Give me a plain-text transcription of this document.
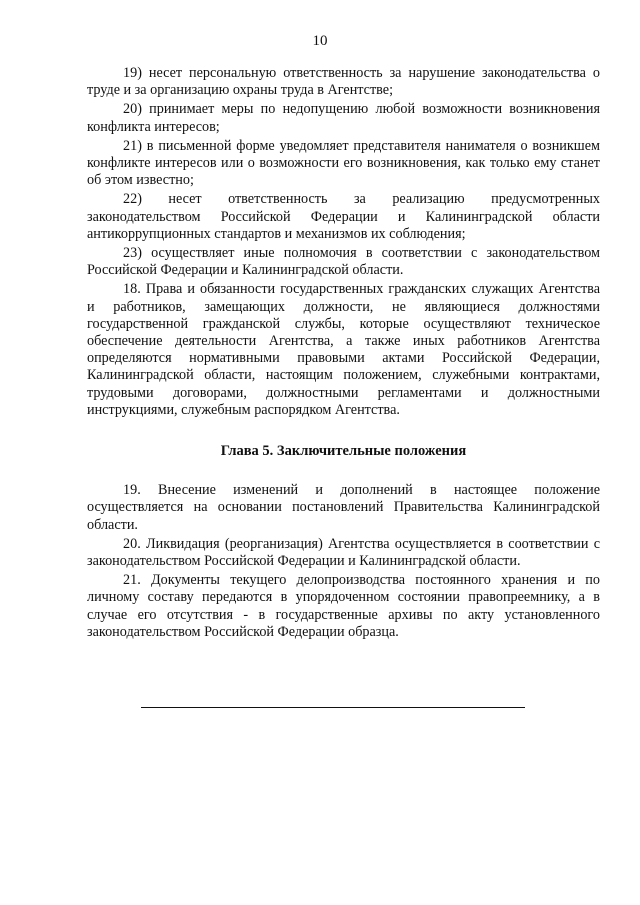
10

19) несет персональную ответственность за нарушение законодательства о труде и за организацию охраны труда в Агентстве;

20) принимает меры по недопущению любой возможности возникновения конфликта интересов;

21) в письменной форме уведомляет представителя нанимателя о возникшем конфликте интересов или о возможности его возникновения, как только ему станет об этом известно;

22) несет ответственность за реализацию предусмотренных законодательством Российской Федерации и Калининградской области антикоррупционных стандартов и механизмов их соблюдения;

23) осуществляет иные полномочия в соответствии с законодательством Российской Федерации и Калининградской области.

18. Права и обязанности государственных гражданских служащих Агентства и работников, замещающих должности, не являющиеся должностями государственной гражданской службы, которые осуществляют техническое обеспечение деятельности Агентства, а также иных работников Агентства определяются нормативными правовыми актами Российской Федерации, Калининградской области, настоящим положением, служебными контрактами, трудовыми договорами, должностными регламентами и должностными инструкциями, служебным распорядком Агентства.

Глава 5. Заключительные положения

19. Внесение изменений и дополнений в настоящее положение осуществляется на основании постановлений Правительства Калининградской области.

20. Ликвидация (реорганизация) Агентства осуществляется в соответствии с законодательством Российской Федерации и Калининградской области.

21. Документы текущего делопроизводства постоянного хранения и по личному составу передаются в упорядоченном состоянии правопреемнику, а в случае его отсутствия - в государственные архивы по акту установленного законодательством Российской Федерации образца.
